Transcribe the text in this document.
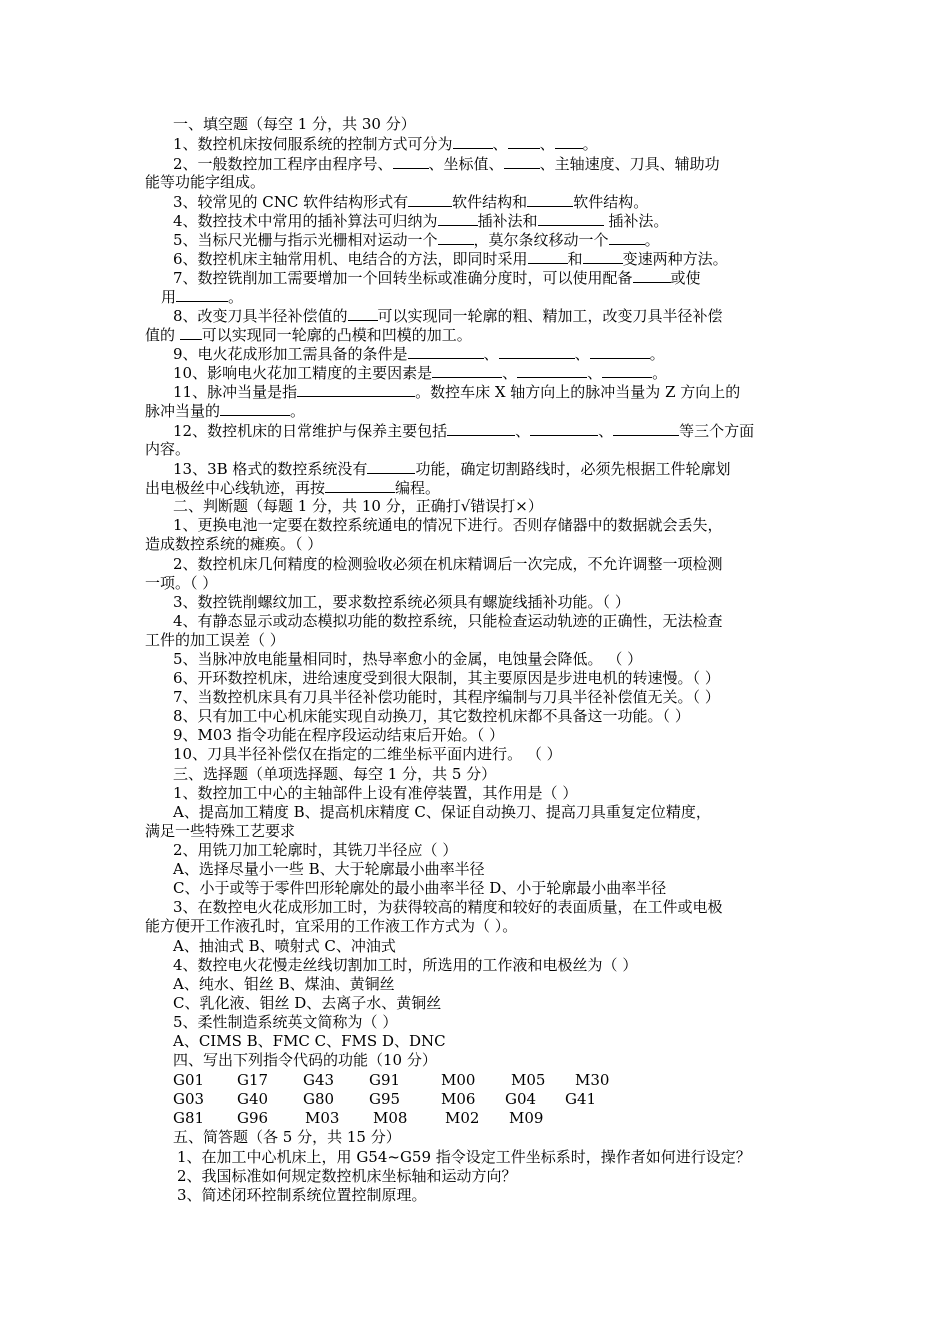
一、填空题（每空 1 分，共 30 分）
1、数控机床按伺服系统的控制方式可分为	、 、 。
2、一般数控加工程序由程序号、 、坐标值、 、主轴速度、刀具、辅助功
能等功能字组成。
3、较常见的 CNC 软件结构形式有	软件结构和	软件结构。
4、数控技术中常用的插补算法可归纳为	插补法和	插补法。
5、当标尺光栅与指示光栅相对运动一个 ，莫尔条纹移动一个 。
6、数控机床主轴常用机、电结合的方法，即同时采用	和	变速两种方法。
7、数控铣削加工需要增加一个回转坐标或准确分度时，可以使用配备	或使
用	。
8、改变刀具半径补偿值的 可以实现同一轮廓的粗、精加工，改变刀具半径补偿
值的 可以实现同一轮廓的凸模和凹模的加工。
9、电火花成形加工需具备的条件是	、	、	。
10、影响电火花加工精度的主要因素是	、	、	。
11、脉冲当量是指	。数控车床 X 轴方向上的脉冲当量为 Z 方向上的
脉冲当量的	。
12、数控机床的日常维护与保养主要包括	、	、	等三个方面
内容。
13、3B 格式的数控系统没有	功能，确定切割路线时，必须先根据工件轮廓划
出电极丝中心线轨迹，再按	编程。
二、判断题（每题 1 分，共 10 分，正确打√错误打×）
1、更换电池一定要在数控系统通电的情况下进行。否则存储器中的数据就会丢失，
造成数控系统的瘫痪。（ ）
2、数控机床几何精度的检测验收必须在机床精调后一次完成，不允许调整一项检测
一项。（ ）
3、数控铣削螺纹加工，要求数控系统必须具有螺旋线插补功能。（ ）
4、有静态显示或动态模拟功能的数控系统，只能检查运动轨迹的正确性，无法检查
工件的加工误差（ ）
5、当脉冲放电能量相同时，热导率愈小的金属，电蚀量会降低。 （ ）
6、开环数控机床，进给速度受到很大限制，其主要原因是步进电机的转速慢。（ ）
7、当数控机床具有刀具半径补偿功能时，其程序编制与刀具半径补偿值无关。（ ）
8、只有加工中心机床能实现自动换刀，其它数控机床都不具备这一功能。（ ）
9、M03 指令功能在程序段运动结束后开始。（ ）
10、刀具半径补偿仅在指定的二维坐标平面内进行。 （ ）
三、选择题（单项选择题、每空 1 分，共 5 分）
1、数控加工中心的主轴部件上设有准停装置，其作用是（ ）
A、提高加工精度 B、提高机床精度 C、保证自动换刀、提高刀具重复定位精度，
满足一些特殊工艺要求
2、用铣刀加工轮廓时，其铣刀半径应（ ）
A、选择尽量小一些 B、大于轮廓最小曲率半径
C、小于或等于零件凹形轮廓处的最小曲率半径 D、小于轮廓最小曲率半径
3、在数控电火花成形加工时，为获得较高的精度和较好的表面质量，在工件或电极
能方便开工作液孔时，宜采用的工作液工作方式为（ ）。
A、抽油式 B、喷射式 C、冲油式
4、数控电火花慢走丝线切割加工时，所选用的工作液和电极丝为（ ）
A、纯水、钼丝 B、煤油、黄铜丝
C、乳化液、钼丝 D、去离子水、黄铜丝
5、柔性制造系统英文简称为（ ）
A、CIMS B、FMC C、FMS D、DNC
四、写出下列指令代码的功能（10 分）
G01 G17 G43 G91	M00 M05 M30
G03 G40 G80 G95	M06 G04 G41
G81 G96 M03 M08	M02 M09
五、简答题（各 5 分，共 15 分）
1、在加工中心机床上，用 G54~G59 指令设定工件坐标系时，操作者如何进行设定？
2、我国标准如何规定数控机床坐标轴和运动方向？
3、简述闭环控制系统位置控制原理。
